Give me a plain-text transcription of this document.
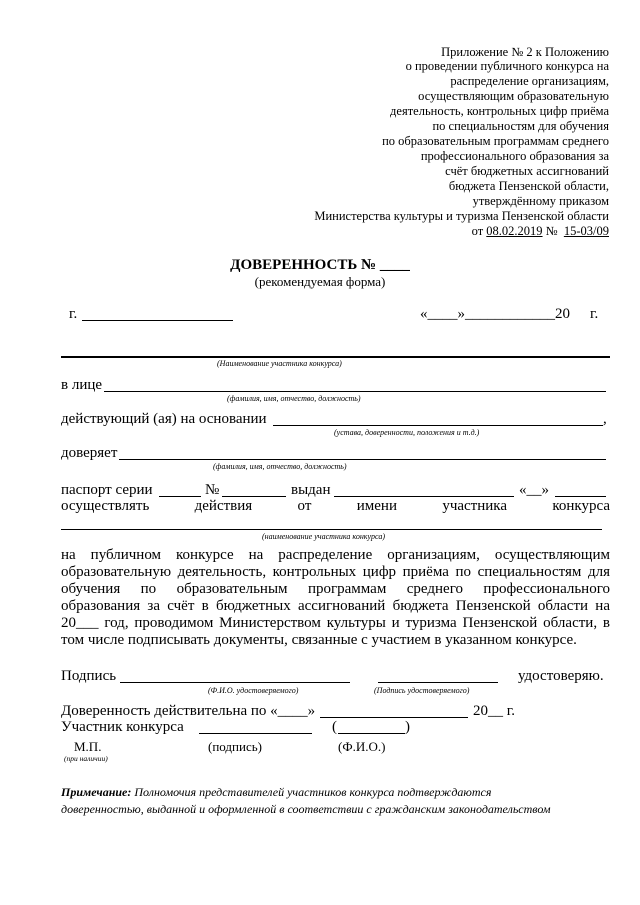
Приложение № 2 к Положению
о проведении публичного конкурса на
распределение организациям,
осуществляющим образовательную
деятельность, контрольных цифр приёма
по специальностям для обучения
по образовательным программам среднего
профессионального образования за
счёт бюджетных ассигнований
бюджета Пензенской области,
утверждённому приказом
Министерства культуры и туризма Пензенской области
от 08.02.2019 № 15-03/09
ДОВЕРЕННОСТЬ № ____
(рекомендуемая форма)
г.	«____»____________20 г.
(Наименование участника конкурса)
в лице
(фамилия, имя, отчество, должность)
действующий (ая) на основании	,
(устава, доверенности, положения и т.д.)
доверяет
(фамилия, имя, отчество, должность)
паспорт серии	№	выдан	«__»
осуществлять	действия	от	имени	участника	конкурса
(наименование участника конкурса)
на публичном конкурсе на распределение организациям, осуществляющим
образовательную деятельность, контрольных цифр приёма по специальностям для
обучения по образовательным программам среднего профессионального
образования за счёт в бюджетных ассигнований бюджета Пензенской области на
20___ год, проводимом Министерством культуры и туризма Пензенской области, в
том числе подписывать документы, связанные с участием в указанном конкурсе.
Подпись	удостоверяю.
(Ф.И.О. удостоверяемого)	(Подпись удостоверяемого)
Доверенность действительна по «____»	20__ г.
Участник конкурса	(	)
М.П.
(при наличии)
(подпись)	(Ф.И.О.)
Примечание: Полномочия представителей участников конкурса подтверждаются
доверенностью, выданной и оформленной в соответствии с гражданским законодательством
